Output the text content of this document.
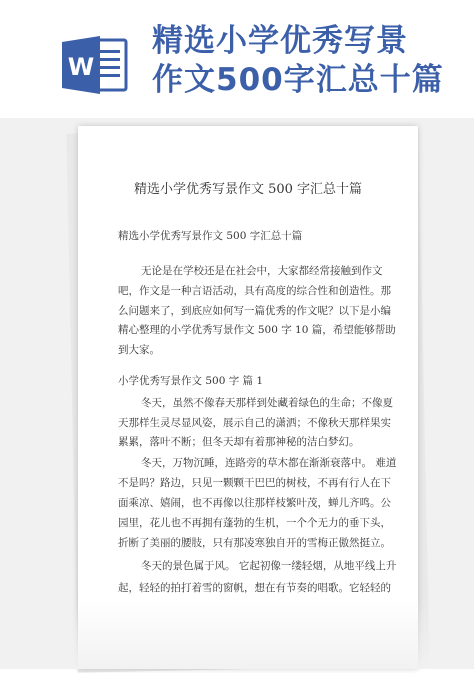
W
精选小学优秀写景
作文500字汇总十篇
精选小学优秀写景作文 500 字汇总十篇
精选小学优秀写景作文 500 字汇总十篇
无论是在学校还是在社会中，大家都经常接触到作文
吧，作文是一种言语活动，具有高度的综合性和创造性。那
么问题来了，到底应如何写一篇优秀的作文呢？以下是小编
精心整理的小学优秀写景作文 500 字 10 篇，希望能够帮助
到大家。
小学优秀写景作文 500 字 篇 1
冬天，虽然不像春天那样到处藏着绿色的生命；不像夏
天那样生灵尽显风姿，展示自己的潇洒；不像秋天那样果实
累累，落叶不断；但冬天却有着那神秘的洁白梦幻。
冬天，万物沉睡，连路旁的草木都在渐渐衰落中。 难道
不是吗？路边，只见一颗颗干巴巴的树枝，不再有行人在下
面乘凉、嬉闹，也不再像以往那样枝繁叶茂，蝉儿齐鸣。公
园里，花儿也不再拥有蓬勃的生机，一个个无力的垂下头，
折断了美丽的腰肢，只有那凌寒独自开的雪梅正傲然挺立。
冬天的景色属于风。 它起初像一缕轻烟，从地平线上升
起，轻轻的拍打着雪的窗帆，想在有节奏的唱歌。它轻轻的
